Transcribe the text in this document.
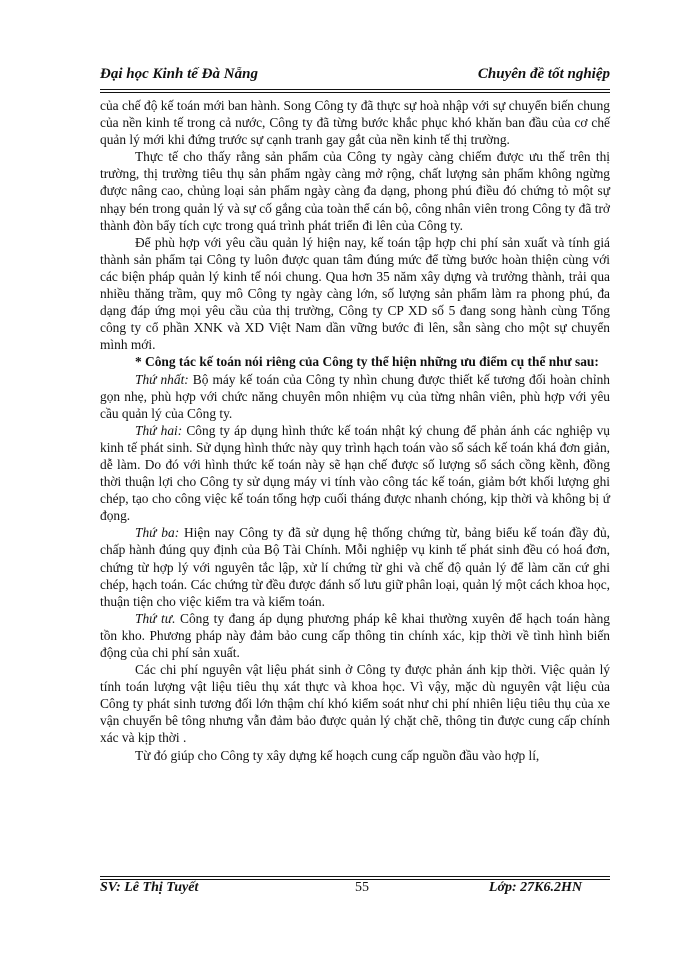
Đại học Kinh tế Đà Nẵng	Chuyên đề tốt nghiệp

của chế độ kế toán mới ban hành. Song Công ty đã thực sự hoà nhập với sự chuyển biến chung của nền kinh tế trong cả nước, Công ty đã từng bước khắc phục khó khăn ban đầu của cơ chế quản lý mới khi đứng trước sự cạnh tranh gay gắt của nền kinh tế thị trường.

Thực tế cho thấy rằng sản phẩm của Công ty ngày càng chiếm được ưu thế trên thị trường, thị trường tiêu thụ sản phẩm ngày càng mở rộng, chất lượng sản phẩm không ngừng được nâng cao, chủng loại sản phẩm ngày càng đa dạng, phong phú điều đó chứng tỏ một sự nhạy bén trong quản lý và sự cố gắng của toàn thể cán bộ, công nhân viên trong Công ty đã trở thành đòn bẩy tích cực trong quá trình phát triển đi lên của Công ty.

Để phù hợp với yêu cầu quản lý hiện nay, kế toán tập hợp chi phí sản xuất và tính giá thành sản phẩm tại Công ty luôn được quan tâm đúng mức để từng bước hoàn thiện cùng với các biện pháp quản lý kinh tế nói chung. Qua hơn 35 năm xây dựng và trưởng thành, trải qua nhiều thăng trầm, quy mô Công ty ngày càng lớn, số lượng sản phẩm làm ra phong phú, đa dạng đáp ứng mọi yêu cầu của thị trường, Công ty CP XD số 5 đang song hành cùng Tổng công ty cổ phần XNK và XD Việt Nam dần vững bước đi lên, sẵn sàng cho một sự chuyển mình mới.

* Công tác kế toán nói riêng của Công ty thể hiện những ưu điểm cụ thể như sau:

Thứ nhất: Bộ máy kế toán của Công ty nhìn chung được thiết kế tương đối hoàn chỉnh gọn nhẹ, phù hợp với chức năng chuyên môn nhiệm vụ của từng nhân viên, phù hợp với yêu cầu quản lý của Công ty.

Thứ hai: Công ty áp dụng hình thức kế toán nhật ký chung để phản ánh các nghiệp vụ kinh tế phát sinh. Sử dụng hình thức này quy trình hạch toán vào sổ sách kế toán khá đơn giản, dễ làm. Do đó với hình thức kế toán này sẽ hạn chế được số lượng sổ sách cồng kềnh, đồng thời thuận lợi cho Công ty sử dụng máy vi tính vào công tác kế toán, giảm bớt khối lượng ghi chép, tạo cho công việc kế toán tổng hợp cuối tháng được nhanh chóng, kịp thời và không bị ứ đọng.

Thứ ba: Hiện nay Công ty đã sử dụng hệ thống chứng từ, bảng biểu kế toán đầy đủ, chấp hành đúng quy định của Bộ Tài Chính. Mỗi nghiệp vụ kinh tế phát sinh đều có hoá đơn, chứng từ hợp lý với nguyên tắc lập, xử lí chứng từ ghi và chế độ quản lý để làm căn cứ ghi chép, hạch toán. Các chứng từ đều được đánh số lưu giữ phân loại, quản lý một cách khoa học, thuận tiện cho việc kiểm tra và kiểm toán.

Thứ tư. Công ty đang áp dụng phương pháp kê khai thường xuyên để hạch toán hàng tồn kho. Phương pháp này đảm bảo cung cấp thông tin chính xác, kịp thời về tình hình biến động của chi phí sản xuất.

Các chi phí nguyên vật liệu phát sinh ở Công ty được phản ánh kịp thời. Việc quản lý tính toán lượng vật liệu tiêu thụ xát thực và khoa học. Vì vậy, mặc dù nguyên vật liệu của Công ty phát sinh tương đối lớn thậm chí khó kiểm soát như chi phí nhiên liệu tiêu thụ của xe vận chuyển bê tông nhưng vẫn đảm bảo được quản lý chặt chẽ, thông tin được cung cấp chính xác và kịp thời .

Từ đó giúp cho Công ty xây dựng kế hoạch cung cấp nguồn đầu vào hợp lí,

SV: Lê Thị Tuyết	55	Lớp: 27K6.2HN
